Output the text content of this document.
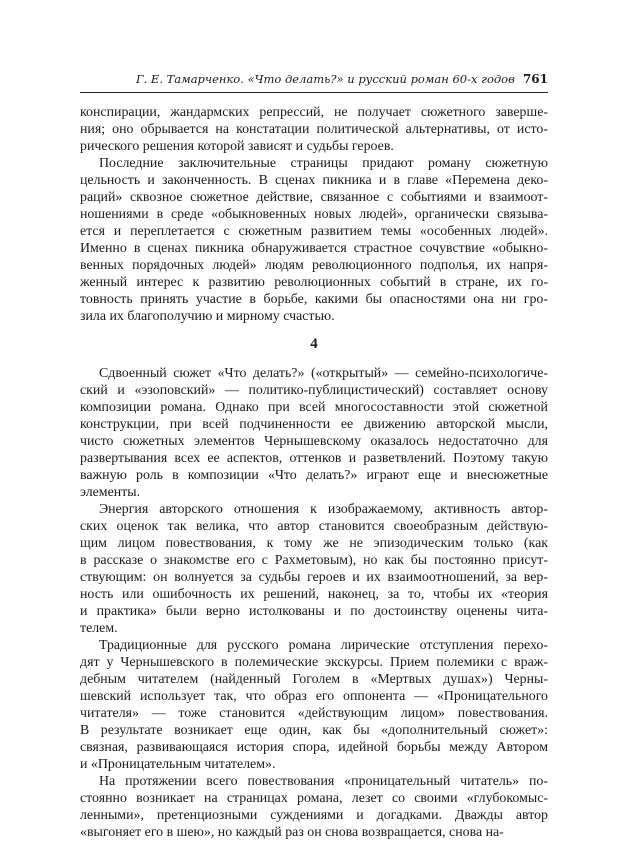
Г. Е. Тамарченко. «Что делать?» и русский роман 60-х годов 761
конспирации, жандармских репрессий, не получает сюжетного заверше-
ния; оно обрывается на констатации политической альтернативы, от исто-
рического решения которой зависят и судьбы героев.
Последние заключительные страницы придают роману сюжетную
цельность и законченность. В сценах пикника и в главе «Перемена деко-
раций» сквозное сюжетное действие, связанное с событиями и взаимоот-
ношениями в среде «обыкновенных новых людей», органически связыва-
ется и переплетается с сюжетным развитием темы «особенных людей».
Именно в сценах пикника обнаруживается страстное сочувствие «обыкно-
венных порядочных людей» людям революционного подполья, их напря-
женный интерес к развитию революционных событий в стране, их го-
товность принять участие в борьбе, какими бы опасностями она ни гро-
зила их благополучию и мирному счастью.
4
Сдвоенный сюжет «Что делать?» («открытый» — семейно-психологиче-
ский и «эзоповский» — политико-публицистический) составляет основу
композиции романа. Однако при всей многосоставности этой сюжетной
конструкции, при всей подчиненности ее движению авторской мысли,
чисто сюжетных элементов Чернышевскому оказалось недостаточно для
развертывания всех ее аспектов, оттенков и разветвлений. Поэтому такую
важную роль в композиции «Что делать?» играют еще и внесюжетные
элементы.
Энергия авторского отношения к изображаемому, активность автор-
ских оценок так велика, что автор становится своеобразным действую-
щим лицом повествования, к тому же не эпизодическим только (как
в рассказе о знакомстве его с Рахметовым), но как бы постоянно присут-
ствующим: он волнуется за судьбы героев и их взаимоотношений, за вер-
ность или ошибочность их решений, наконец, за то, чтобы их «теория
и практика» были верно истолкованы и по достоинству оценены чита-
телем.
Традиционные для русского романа лирические отступления перехо-
дят у Чернышевского в полемические экскурсы. Прием полемики с враж-
дебным читателем (найденный Гоголем в «Мертвых душах») Черны-
шевский использует так, что образ его оппонента — «Проницательного
читателя» — тоже становится «действующим лицом» повествования.
В результате возникает еще один, как бы «дополнительный сюжет»:
связная, развивающаяся история спора, идейной борьбы между Автором
и «Проницательным читателем».
На протяжении всего повествования «проницательный читатель» по-
стоянно возникает на страницах романа, лезет со своими «глубокомыс-
ленными», претенциозными суждениями и догадками. Дважды автор
«выгоняет его в шею», но каждый раз он снова возвращается, снова на-
